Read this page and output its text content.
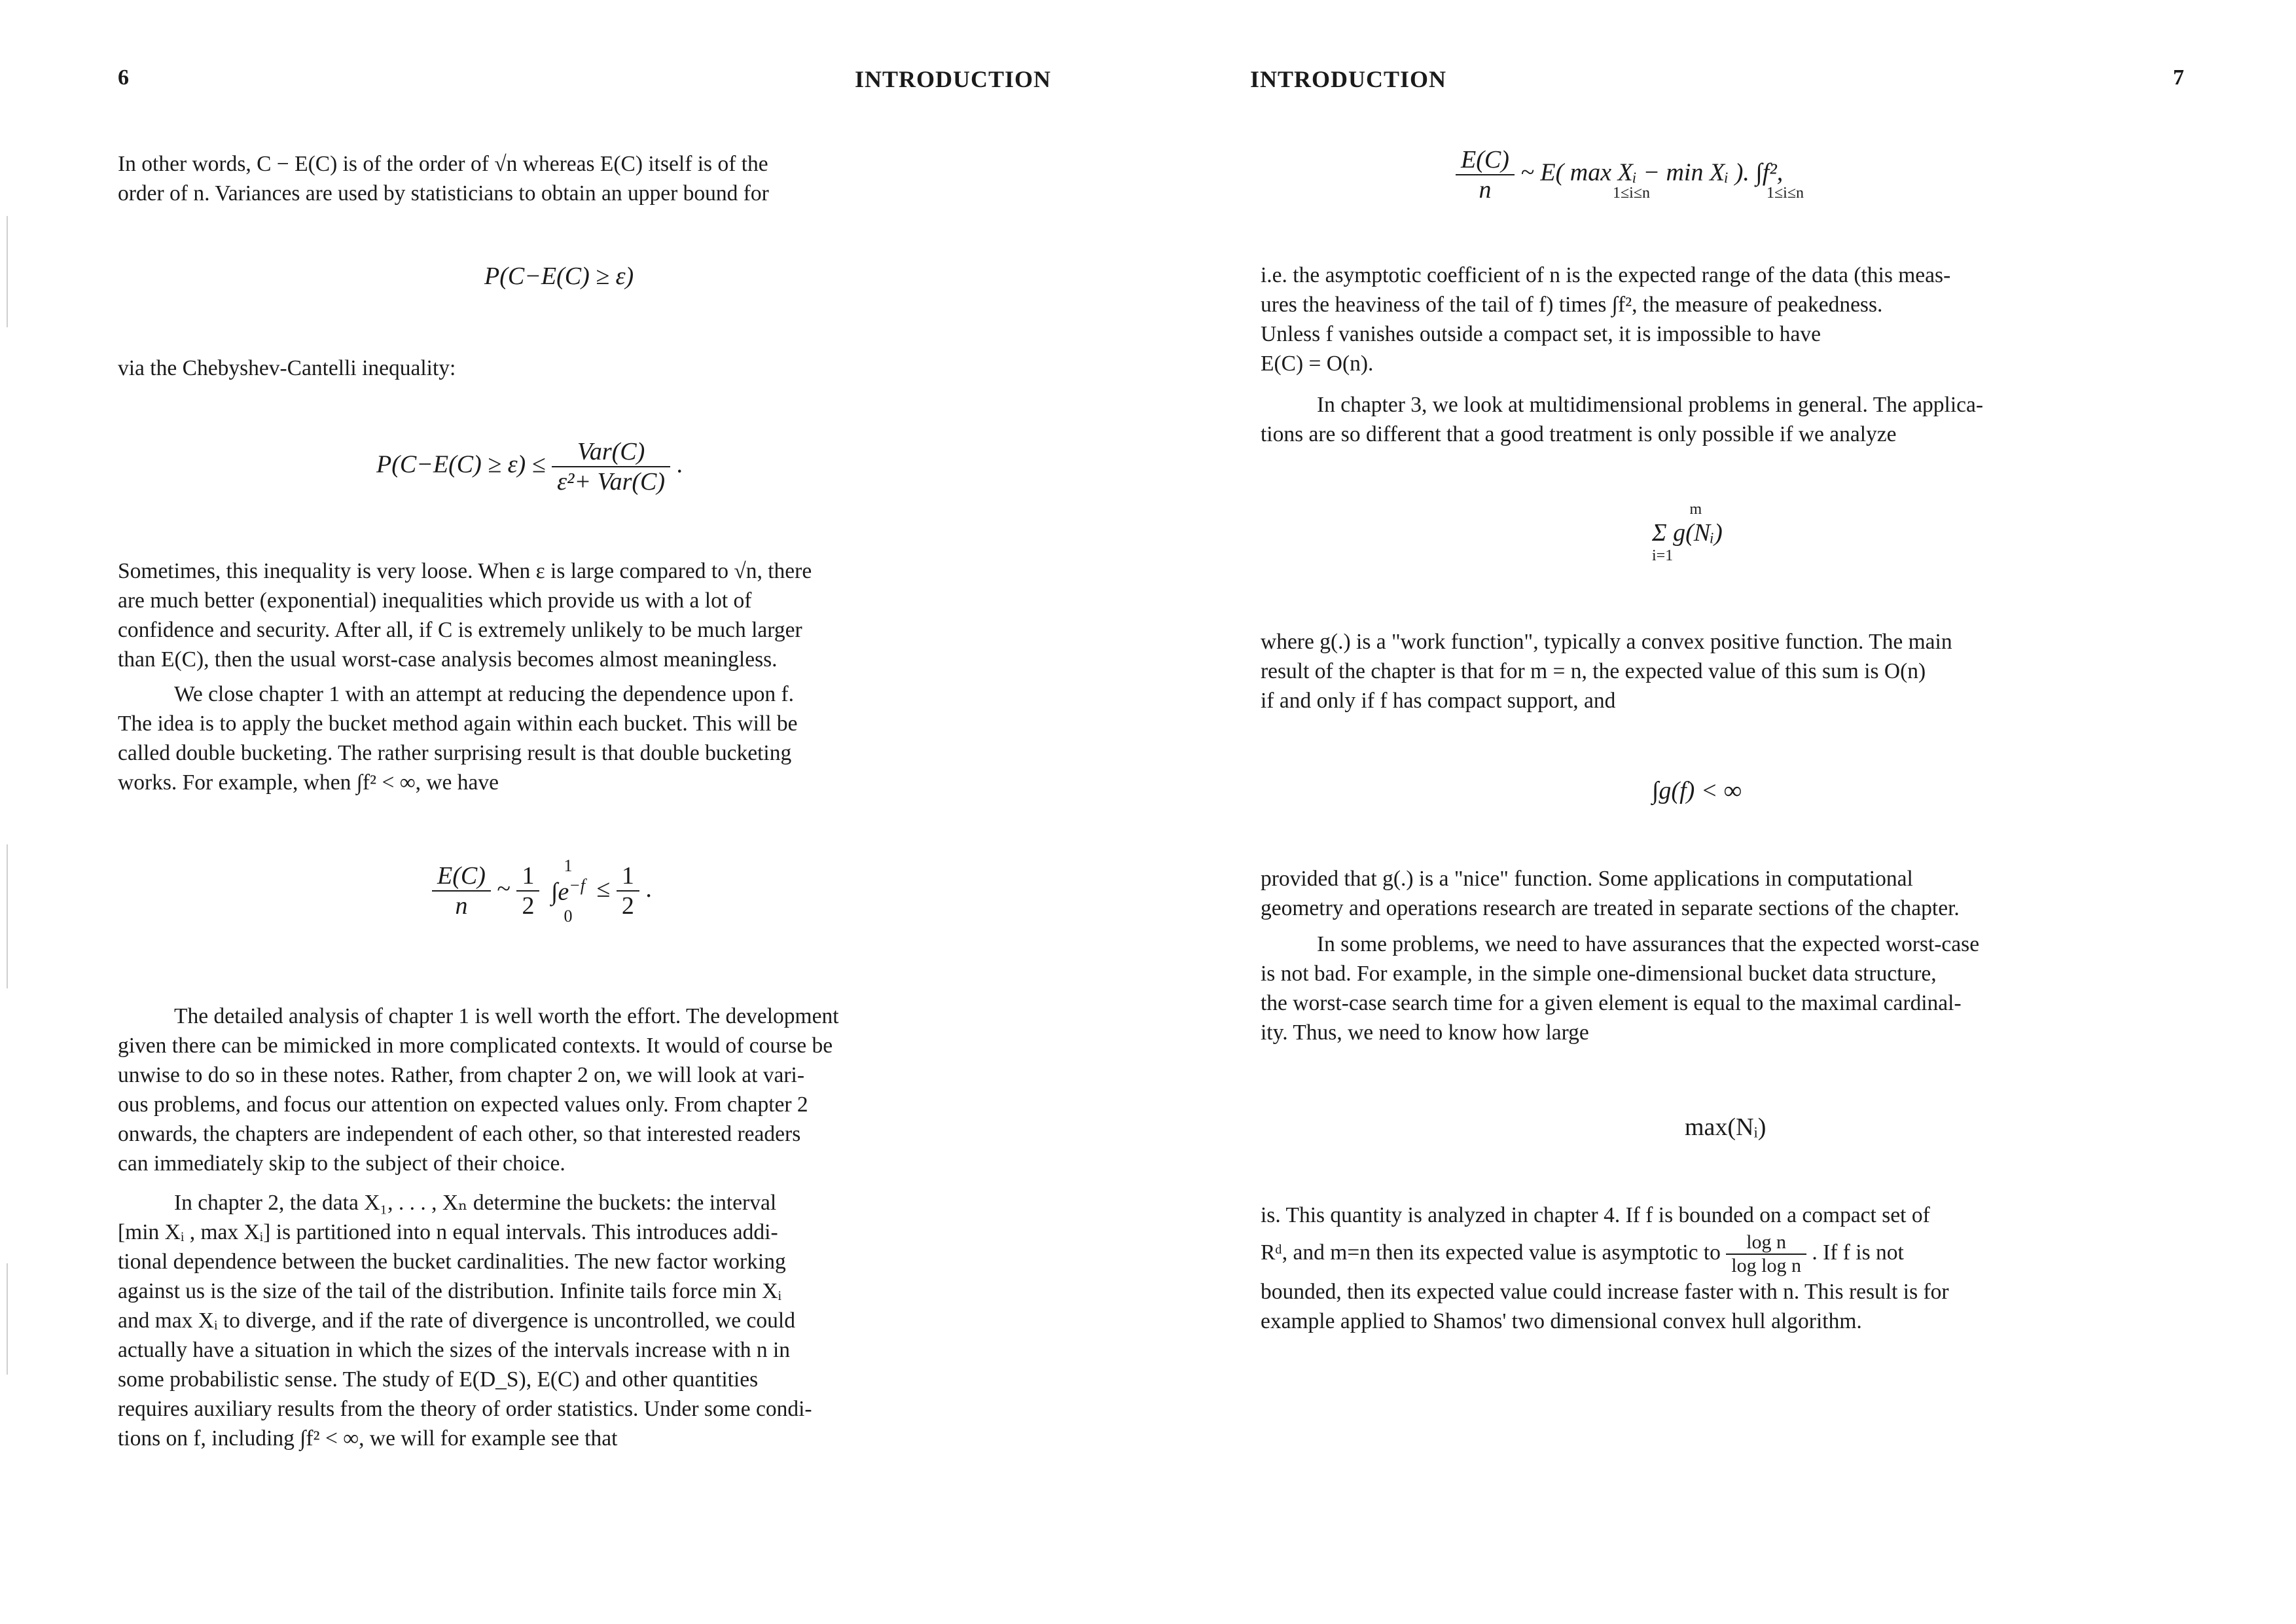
6	INTRODUCTION
In other words, C − E(C) is of the order of √n whereas E(C) itself is of the
order of n. Variances are used by statisticians to obtain an upper bound for
P(C−E(C) ≥ ε)
via the Chebyshev-Cantelli inequality:
$P(C-E(C) \ge \varepsilon) \le \frac{\text{Var(C)}}{\text{ε²+ Var(C)}}$ .
Sometimes, this inequality is very loose. When ε is large compared to √n, there
are much better (exponential) inequalities which provide us with a lot of
confidence and security. After all, if C is extremely unlikely to be much larger
than E(C), then the usual worst-case analysis becomes almost meaningless.
We close chapter 1 with an attempt at reducing the dependence upon f.
The idea is to apply the bucket method again within each bucket. This will be
called double bucketing. The rather surprising result is that double bucketing
works. For example, when ∫f² < ∞, we have
$\frac{E(C)}{n}$ ~ $\frac{1}{2}$
	1
$\int e^{-f}$
0
≤ $\frac{1}{2}$ .
The detailed analysis of chapter 1 is well worth the effort. The development
given there can be mimicked in more complicated contexts. It would of course be
unwise to do so in these notes. Rather, from chapter 2 on, we will look at vari-
ous problems, and focus our attention on expected values only. From chapter 2
onwards, the chapters are independent of each other, so that interested readers
can immediately skip to the subject of their choice.
In chapter 2, the data X₁, . . . , Xₙ determine the buckets: the interval
[min Xᵢ , max Xᵢ] is partitioned into n equal intervals. This introduces addi-
tional dependence between the bucket cardinalities. The new factor working
against us is the size of the tail of the distribution. Infinite tails force min Xᵢ
and max Xᵢ to diverge, and if the rate of divergence is uncontrolled, we could
actually have a situation in which the sizes of the intervals increase with n in
some probabilistic sense. The study of E(D_S), E(C) and other quantities
requires auxiliary results from the theory of order statistics. Under some condi-
tions on f, including ∫f² < ∞, we will for example see that
INTRODUCTION	7
$\frac{E(C)}{n}$ ~ E( max Xᵢ − min Xᵢ ). ∫f²,
1≤i≤n	1≤i≤n
i.e. the asymptotic coefficient of n is the expected range of the data (this meas-
ures the heaviness of the tail of f) times ∫f², the measure of peakedness.
Unless f vanishes outside a compact set, it is impossible to have
E(C) = O(n).
In chapter 3, we look at multidimensional problems in general. The applica-
tions are so different that a good treatment is only possible if we analyze
m
Σ g(Nᵢ)
i=1
where g(.) is a "work function", typically a convex positive function. The main
result of the chapter is that for m = n, the expected value of this sum is O(n)
if and only if f has compact support, and
∫g(f) < ∞
provided that g(.) is a "nice" function. Some applications in computational
geometry and operations research are treated in separate sections of the chapter.
In some problems, we need to have assurances that the expected worst-case
is not bad. For example, in the simple one-dimensional bucket data structure,
the worst-case search time for a given element is equal to the maximal cardinal-
ity. Thus, we need to know how large
max(Nᵢ)
is. This quantity is analyzed in chapter 4. If f is bounded on a compact set of
Rᵈ, and m=n then its expected value is asymptotic to $\frac{\text{log n}}{\text{log log n}}$ . If f is not
bounded, then its expected value could increase faster with n. This result is for
example applied to Shamos' two dimensional convex hull algorithm.
